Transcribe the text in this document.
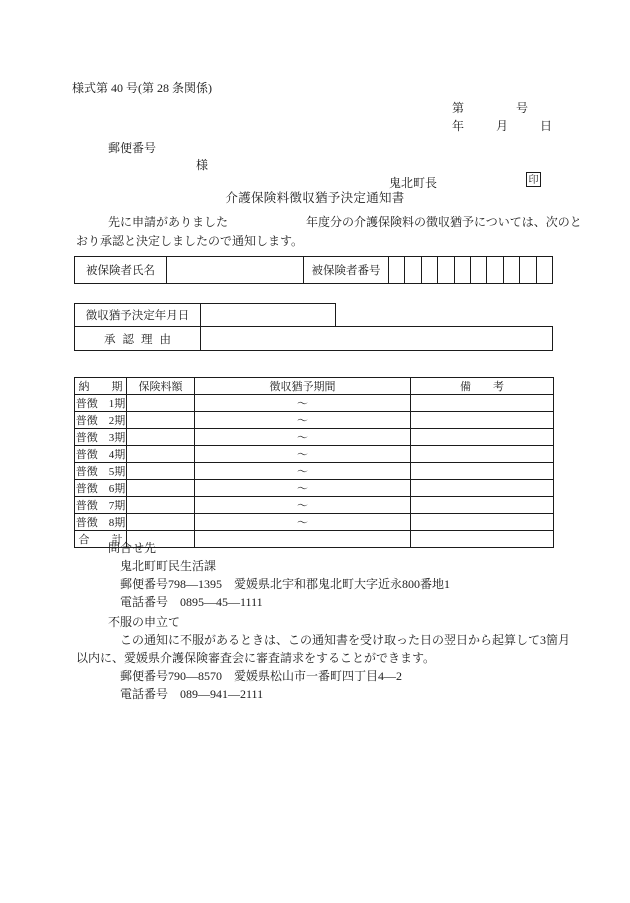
様式第 40 号(第 28 条関係)
第	号
年	月	日
郵便番号
様
鬼北町長	印
介護保険料徴収猶予決定通知書
先に申請がありました	年度分の介護保険料の徴収猶予については、次のと
おり承認と決定しましたので通知します。
被保険者氏名	被保険者番号
徴収猶予決定年月日
承認理由
納　　期	保険料額	徴収猶予期間	備　　考
普徴　1期		〜	
普徴　2期		〜	
普徴　3期		〜	
普徴　4期		〜	
普徴　5期		〜	
普徴　6期		〜	
普徴　7期		〜	
普徴　8期		〜	
合　　計			
問合せ先
鬼北町町民生活課
郵便番号798—1395　愛媛県北宇和郡鬼北町大字近永800番地1
電話番号　0895—45—1111
不服の申立て
この通知に不服があるときは、この通知書を受け取った日の翌日から起算して3箇月
以内に、愛媛県介護保険審査会に審査請求をすることができます。
郵便番号790—8570　愛媛県松山市一番町四丁目4—2
電話番号　089—941—2111
